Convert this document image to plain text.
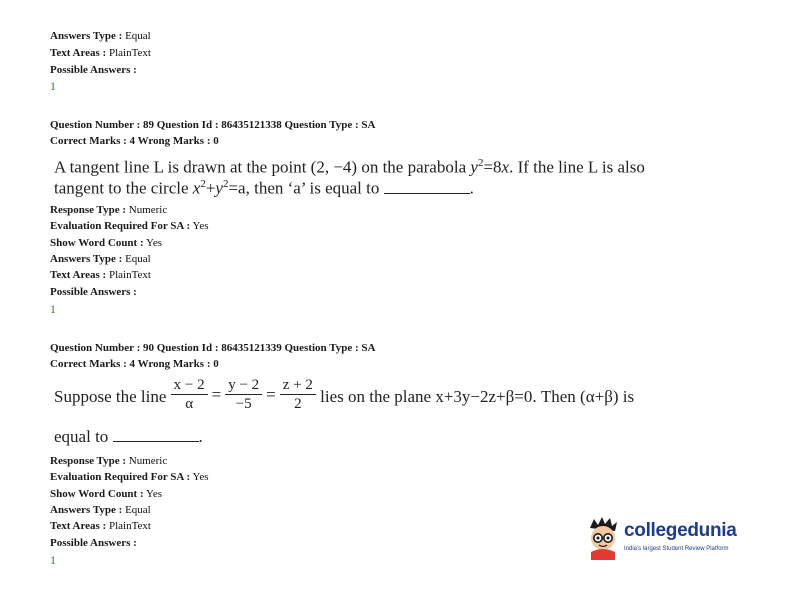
Answers Type : Equal
Text Areas : PlainText
Possible Answers :
1
Question Number : 89 Question Id : 86435121338 Question Type : SA
Correct Marks : 4 Wrong Marks : 0
A tangent line L is drawn at the point (2, −4) on the parabola $y^2=8x$. If the line L is also
tangent to the circle $x^2+y^2=a$, then ‘a’ is equal to	.
Response Type : Numeric
Evaluation Required For SA : Yes
Show Word Count : Yes
Answers Type : Equal
Text Areas : PlainText
Possible Answers :
1
Question Number : 90 Question Id : 86435121339 Question Type : SA
Correct Marks : 4 Wrong Marks : 0
Suppose the line $\frac{x - 2}{\alpha} = \frac{y - 2}{-5} = \frac{z + 2}{2}$ lies on the plane x+3y−2z+β=0. Then (α+β) is
equal to	.
Response Type : Numeric
Evaluation Required For SA : Yes
Show Word Count : Yes
Answers Type : Equal
Text Areas : PlainText
Possible Answers :
1
collegedunia
India's largest Student Review Platform
